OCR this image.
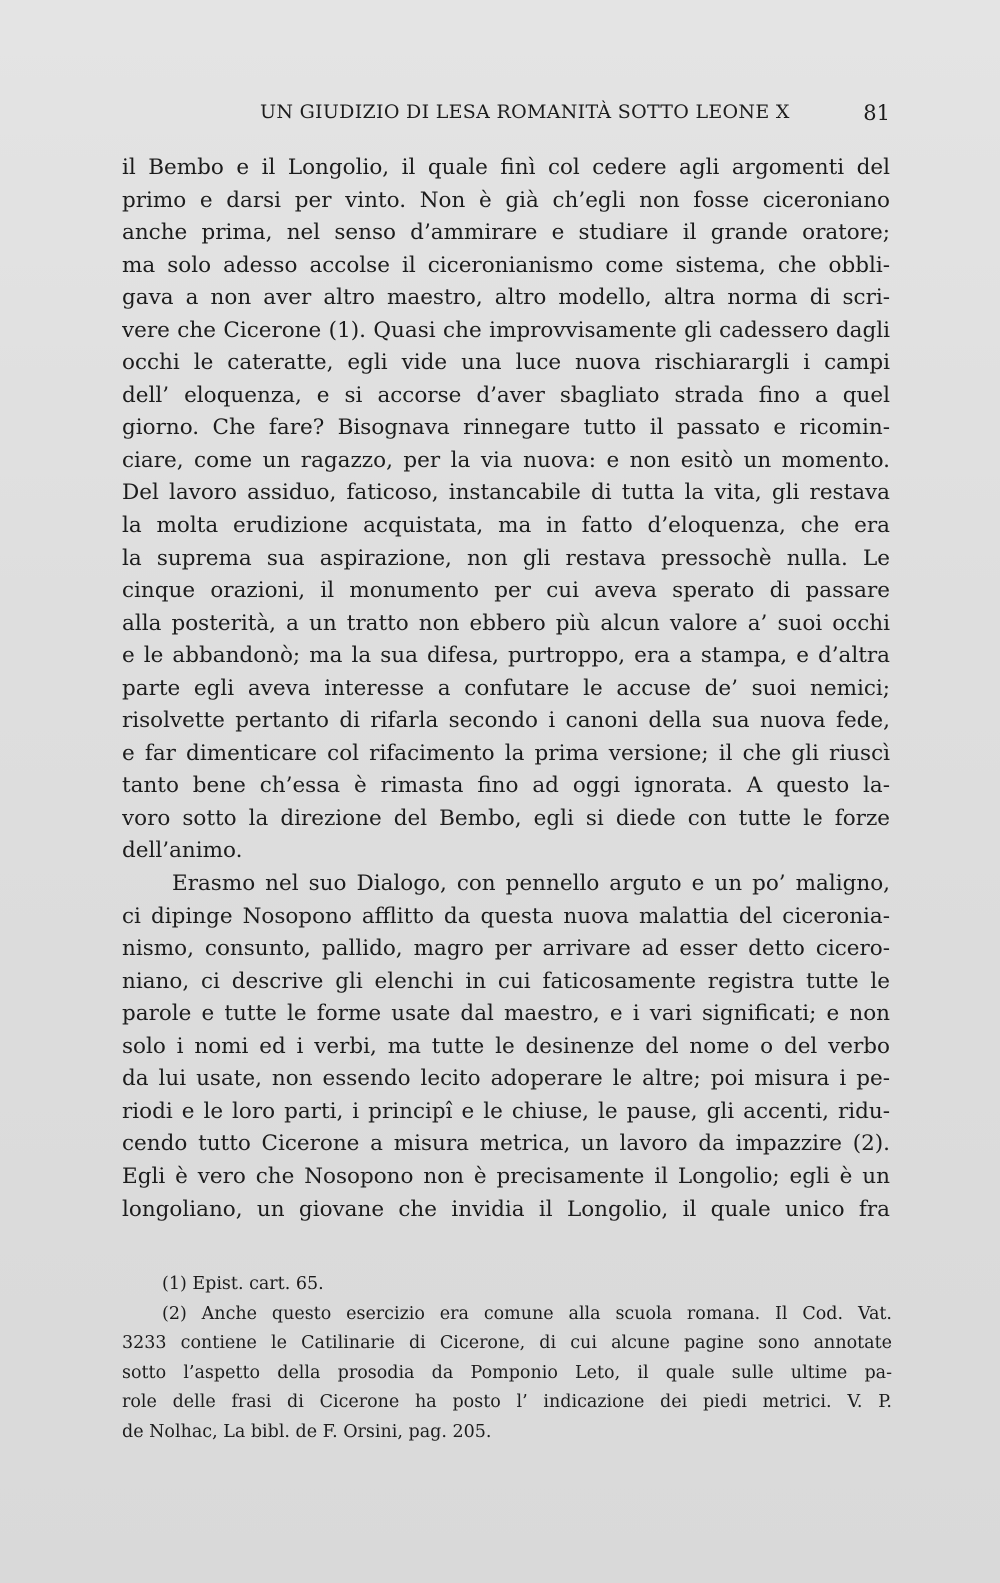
UN GIUDIZIO DI LESA ROMANITÀ SOTTO LEONE X	81
il Bembo e il Longolio, il quale finì col cedere agli argomenti del
primo e darsi per vinto. Non è già ch’egli non fosse ciceroniano
anche prima, nel senso d’ammirare e studiare il grande oratore;
ma solo adesso accolse il ciceronianismo come sistema, che obbli-
gava a non aver altro maestro, altro modello, altra norma di scri-
vere che Cicerone (1). Quasi che improvvisamente gli cadessero dagli
occhi le cateratte, egli vide una luce nuova rischiarargli i campi
dell’ eloquenza, e si accorse d’aver sbagliato strada fino a quel
giorno. Che fare? Bisognava rinnegare tutto il passato e ricomin-
ciare, come un ragazzo, per la via nuova: e non esitò un momento.
Del lavoro assiduo, faticoso, instancabile di tutta la vita, gli restava
la molta erudizione acquistata, ma in fatto d’eloquenza, che era
la suprema sua aspirazione, non gli restava pressochè nulla. Le
cinque orazioni, il monumento per cui aveva sperato di passare
alla posterità, a un tratto non ebbero più alcun valore a’ suoi occhi
e le abbandonò; ma la sua difesa, purtroppo, era a stampa, e d’altra
parte egli aveva interesse a confutare le accuse de’ suoi nemici;
risolvette pertanto di rifarla secondo i canoni della sua nuova fede,
e far dimenticare col rifacimento la prima versione; il che gli riuscì
tanto bene ch’essa è rimasta fino ad oggi ignorata. A questo la-
voro sotto la direzione del Bembo, egli si diede con tutte le forze
dell’animo.
Erasmo nel suo Dialogo, con pennello arguto e un po’ maligno,
ci dipinge Nosopono afflitto da questa nuova malattia del ciceronia-
nismo, consunto, pallido, magro per arrivare ad esser detto cicero-
niano, ci descrive gli elenchi in cui faticosamente registra tutte le
parole e tutte le forme usate dal maestro, e i vari significati; e non
solo i nomi ed i verbi, ma tutte le desinenze del nome o del verbo
da lui usate, non essendo lecito adoperare le altre; poi misura i pe-
riodi e le loro parti, i principî e le chiuse, le pause, gli accenti, ridu-
cendo tutto Cicerone a misura metrica, un lavoro da impazzire (2).
Egli è vero che Nosopono non è precisamente il Longolio; egli è un
longoliano, un giovane che invidia il Longolio, il quale unico fra
(1) Epist. cart. 65.
(2) Anche questo esercizio era comune alla scuola romana. Il Cod. Vat.
3233 contiene le Catilinarie di Cicerone, di cui alcune pagine sono annotate
sotto l’aspetto della prosodia da Pomponio Leto, il quale sulle ultime pa-
role delle frasi di Cicerone ha posto l’ indicazione dei piedi metrici. V. P.
de Nolhac, La bibl. de F. Orsini, pag. 205.
